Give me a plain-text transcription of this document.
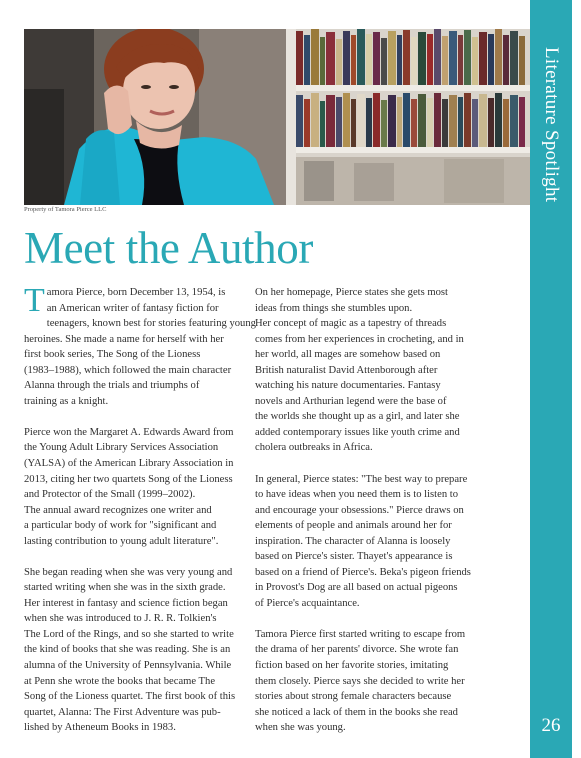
Property of Tamora Pierce LLC
Literature Spotlight
26
Meet the Author
T amora Pierce, born December 13, 1954, is
an American writer of fantasy fiction for
teenagers, known best for stories featuring young
heroines. She made a name for herself with her
first book series, The Song of the Lioness
(1983–1988), which followed the main character
Alanna through the trials and triumphs of
training as a knight.
Pierce won the Margaret A. Edwards Award from
the Young Adult Library Services Association
(YALSA) of the American Library Association in
2013, citing her two quartets Song of the Lioness
and Protector of the Small (1999–2002).
The annual award recognizes one writer and
a particular body of work for "significant and
lasting contribution to young adult literature".
She began reading when she was very young and
started writing when she was in the sixth grade.
Her interest in fantasy and science fiction began
when she was introduced to J. R. R. Tolkien's
The Lord of the Rings, and so she started to write
the kind of books that she was reading. She is an
alumna of the University of Pennsylvania. While
at Penn she wrote the books that became The
Song of the Lioness quartet. The first book of this
quartet, Alanna: The First Adventure was pub-
lished by Atheneum Books in 1983.
On her homepage, Pierce states she gets most
ideas from things she stumbles upon.
Her concept of magic as a tapestry of threads
comes from her experiences in crocheting, and in
her world, all mages are somehow based on
British naturalist David Attenborough after
watching his nature documentaries. Fantasy
novels and Arthurian legend were the base of
the worlds she thought up as a girl, and later she
added contemporary issues like youth crime and
cholera outbreaks in Africa.
In general, Pierce states: "The best way to prepare
to have ideas when you need them is to listen to
and encourage your obsessions." Pierce draws on
elements of people and animals around her for
inspiration. The character of Alanna is loosely
based on Pierce's sister. Thayet's appearance is
based on a friend of Pierce's. Beka's pigeon friends
in Provost's Dog are all based on actual pigeons
of Pierce's acquaintance.
Tamora Pierce first started writing to escape from
the drama of her parents' divorce. She wrote fan
fiction based on her favorite stories, imitating
them closely. Pierce says she decided to write her
stories about strong female characters because
she noticed a lack of them in the books she read
when she was young.
